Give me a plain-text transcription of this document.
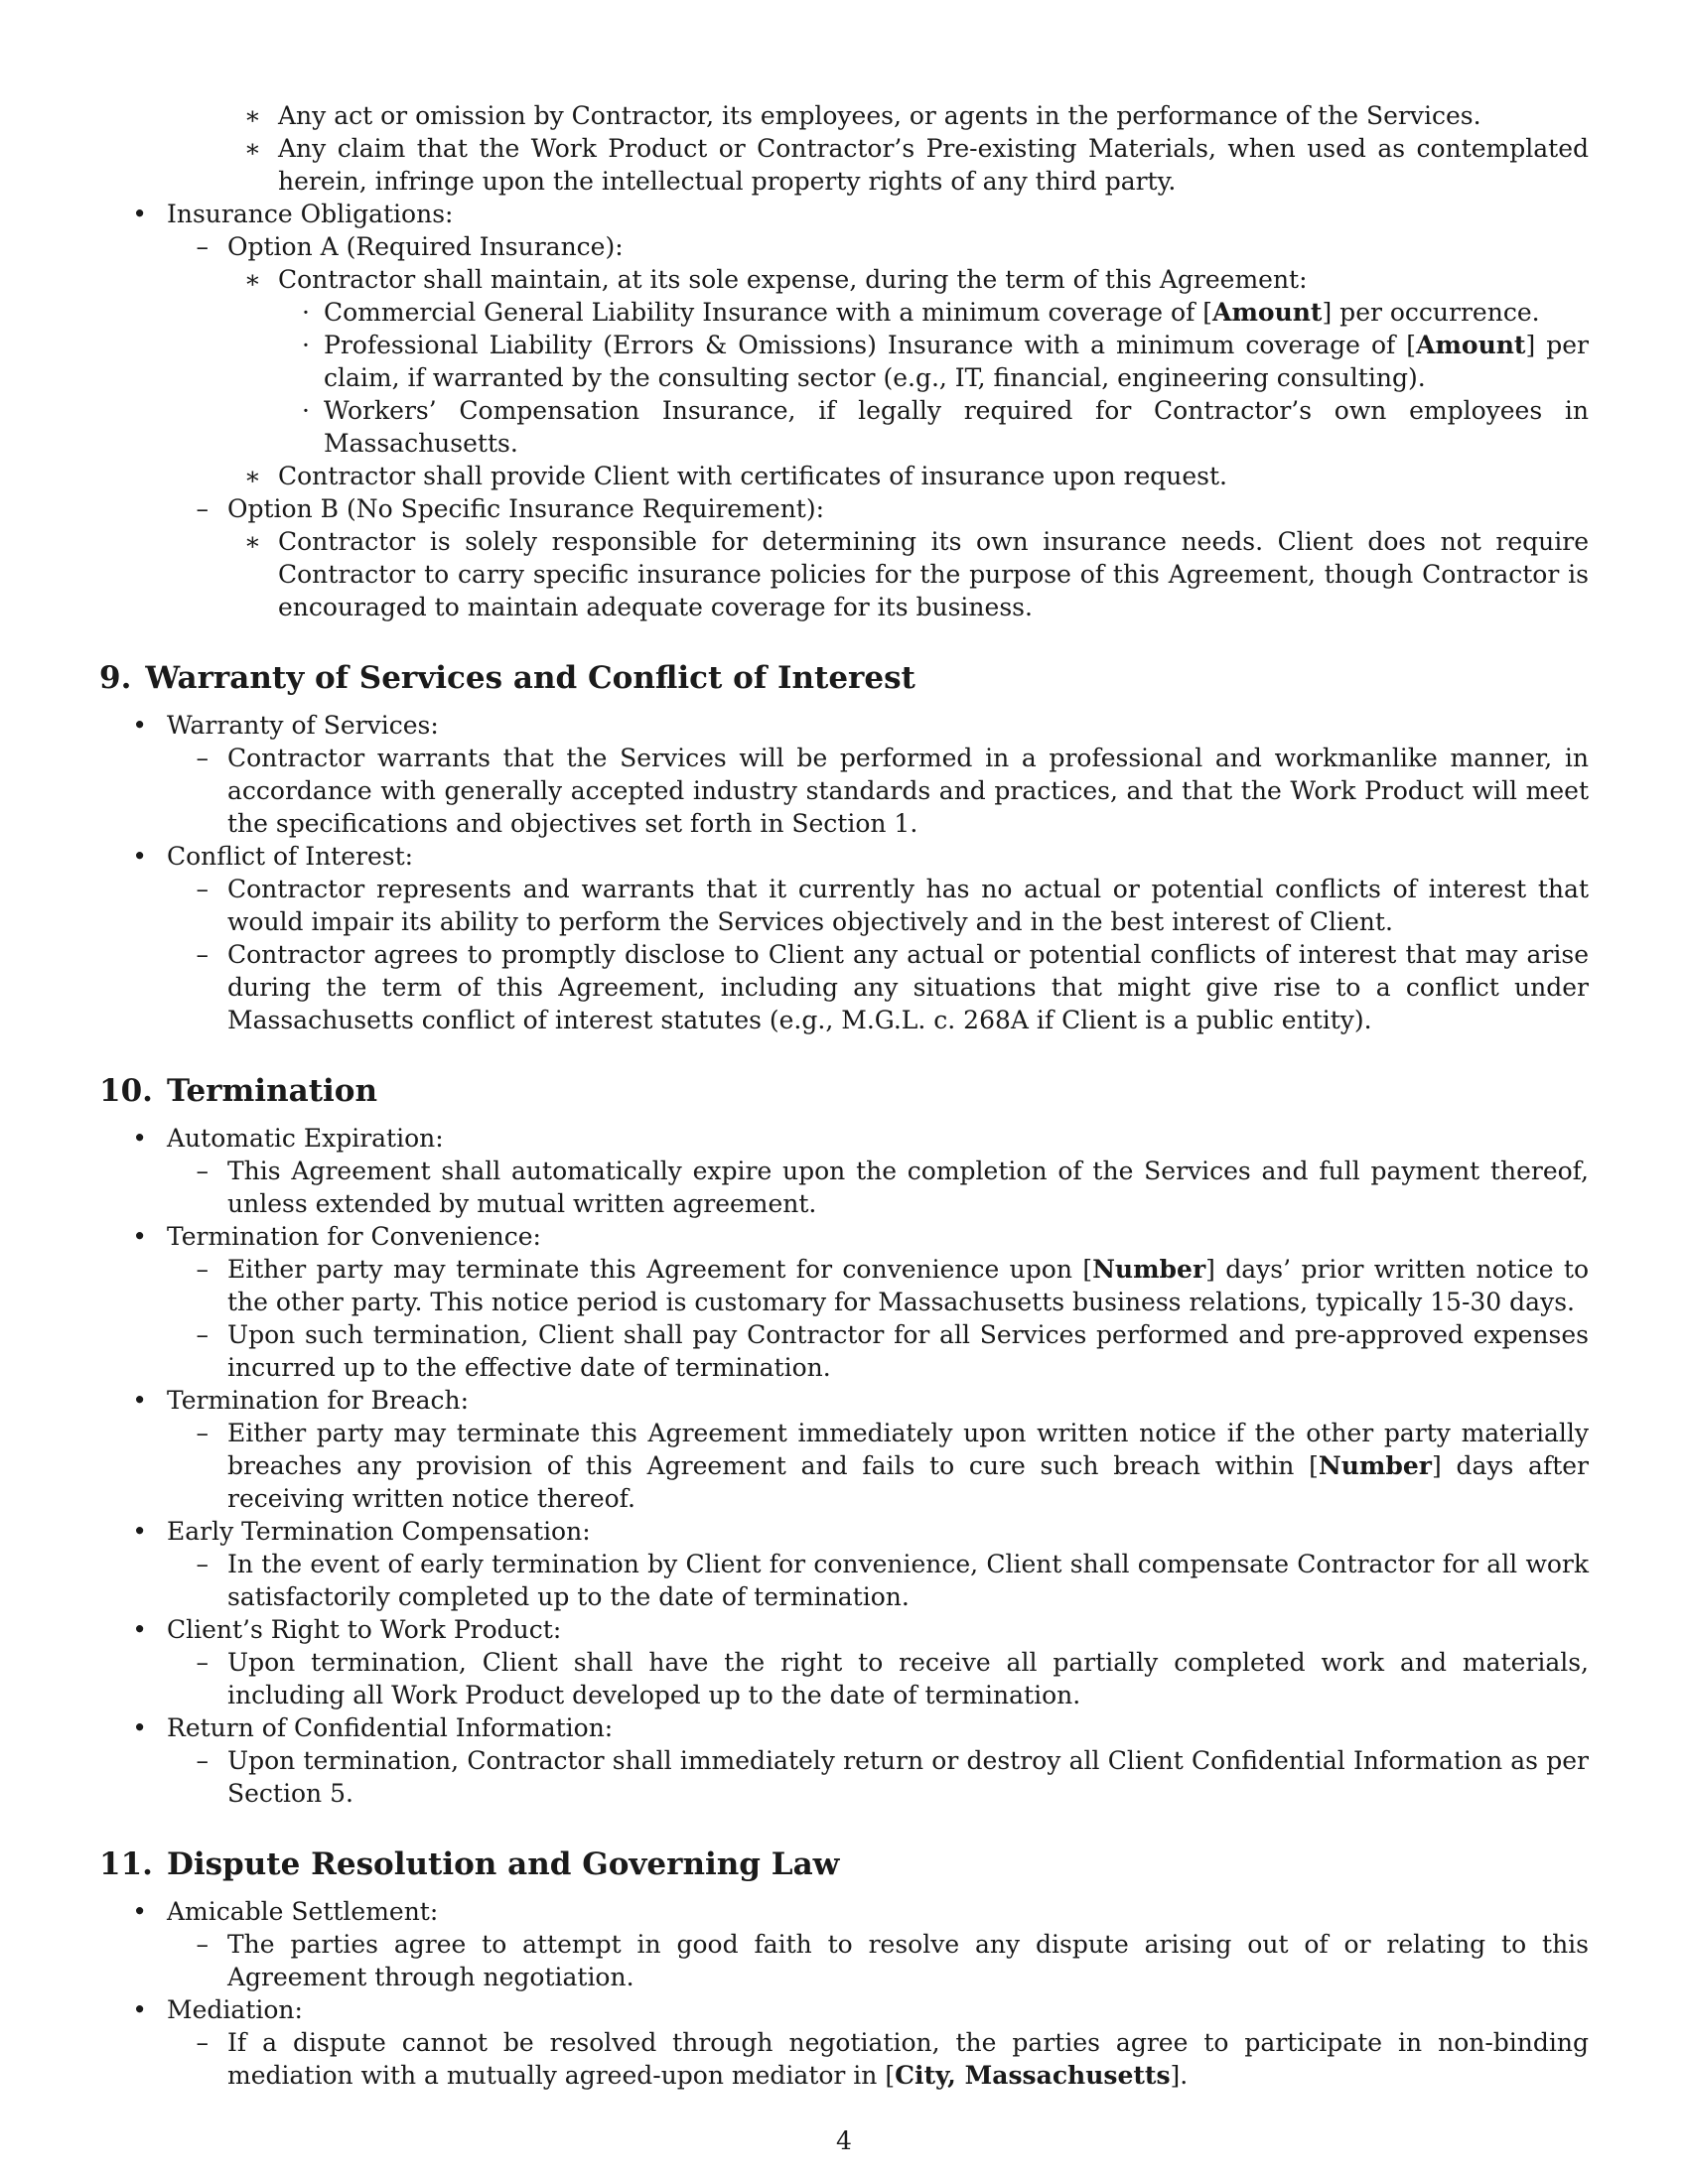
∗ Any act or omission by Contractor, its employees, or agents in the performance of the Services.
∗ Any claim that the Work Product or Contractor’s Pre-existing Materials, when used as contemplated herein, infringe upon the intellectual property rights of any third party.
• Insurance Obligations:
– Option A (Required Insurance):
∗ Contractor shall maintain, at its sole expense, during the term of this Agreement:
· Commercial General Liability Insurance with a minimum coverage of [Amount] per occurrence.
· Professional Liability (Errors & Omissions) Insurance with a minimum coverage of [Amount] per claim, if warranted by the consulting sector (e.g., IT, financial, engineering consulting).
· Workers’ Compensation Insurance, if legally required for Contractor’s own employees in Massachusetts.
∗ Contractor shall provide Client with certificates of insurance upon request.
– Option B (No Specific Insurance Requirement):
∗ Contractor is solely responsible for determining its own insurance needs. Client does not require Contractor to carry specific insurance policies for the purpose of this Agreement, though Contractor is encouraged to maintain adequate coverage for its business.
9. Warranty of Services and Conflict of Interest
• Warranty of Services:
– Contractor warrants that the Services will be performed in a professional and workmanlike manner, in accordance with generally accepted industry standards and practices, and that the Work Product will meet the specifications and objectives set forth in Section 1.
• Conflict of Interest:
– Contractor represents and warrants that it currently has no actual or potential conflicts of interest that would impair its ability to perform the Services objectively and in the best interest of Client.
– Contractor agrees to promptly disclose to Client any actual or potential conflicts of interest that may arise during the term of this Agreement, including any situations that might give rise to a conflict under Massachusetts conflict of interest statutes (e.g., M.G.L. c. 268A if Client is a public entity).
10. Termination
• Automatic Expiration:
– This Agreement shall automatically expire upon the completion of the Services and full payment thereof, unless extended by mutual written agreement.
• Termination for Convenience:
– Either party may terminate this Agreement for convenience upon [Number] days’ prior written notice to the other party. This notice period is customary for Massachusetts business relations, typically 15-30 days.
– Upon such termination, Client shall pay Contractor for all Services performed and pre-approved expenses incurred up to the effective date of termination.
• Termination for Breach:
– Either party may terminate this Agreement immediately upon written notice if the other party materially breaches any provision of this Agreement and fails to cure such breach within [Number] days after receiving written notice thereof.
• Early Termination Compensation:
– In the event of early termination by Client for convenience, Client shall compensate Contractor for all work satisfactorily completed up to the date of termination.
• Client’s Right to Work Product:
– Upon termination, Client shall have the right to receive all partially completed work and materials, including all Work Product developed up to the date of termination.
• Return of Confidential Information:
– Upon termination, Contractor shall immediately return or destroy all Client Confidential Information as per Section 5.
11. Dispute Resolution and Governing Law
• Amicable Settlement:
– The parties agree to attempt in good faith to resolve any dispute arising out of or relating to this Agreement through negotiation.
• Mediation:
– If a dispute cannot be resolved through negotiation, the parties agree to participate in non-binding mediation with a mutually agreed-upon mediator in [City, Massachusetts].
4
